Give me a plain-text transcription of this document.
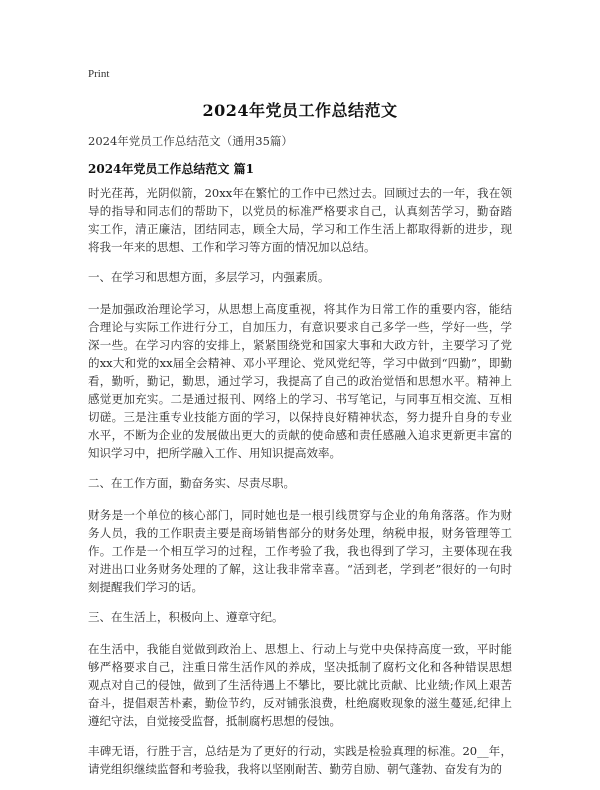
Print
2024年党员工作总结范文
2024年党员工作总结范文（通用35篇）
2024年党员工作总结范文 篇1

时光荏苒，光阴似箭，20xx年在繁忙的工作中已然过去。回顾过去的一年，我在领导的指导和同志们的帮助下，以党员的标准严格要求自己，认真刻苦学习，勤奋踏实工作，清正廉洁，团结同志，顾全大局，学习和工作生活上都取得新的进步，现将我一年来的思想、工作和学习等方面的情况加以总结。

一、在学习和思想方面，多层学习，内强素质。

一是加强政治理论学习，从思想上高度重视，将其作为日常工作的重要内容，能结合理论与实际工作进行分工，自加压力，有意识要求自己多学一些，学好一些，学深一些。在学习内容的安排上，紧紧围绕党和国家大事和大政方针，主要学习了党的xx大和党的xx届全会精神、邓小平理论、党风党纪等，学习中做到“四勤”，即勤看，勤听，勤记，勤思，通过学习，我提高了自己的政治觉悟和思想水平。精神上感觉更加充实。二是通过报刊、网络上的学习、书写笔记，与同事互相交流、互相切磋。三是注重专业技能方面的学习，以保持良好精神状态，努力提升自身的专业水平，不断为企业的发展做出更大的贡献的使命感和责任感融入追求更新更丰富的知识学习中，把所学融入工作、用知识提高效率。

二、在工作方面，勤奋务实、尽责尽职。

财务是一个单位的核心部门，同时她也是一根引线贯穿与企业的角角落落。作为财务人员，我的工作职责主要是商场销售部分的财务处理，纳税申报，财务管理等工作。工作是一个相互学习的过程，工作考验了我，我也得到了学习，主要体现在我对进出口业务财务处理的了解，这让我非常幸喜。“活到老，学到老”很好的一句时刻提醒我们学习的话。

三、在生活上，积极向上、遵章守纪。

在生活中，我能自觉做到政治上、思想上、行动上与党中央保持高度一致，平时能够严格要求自己，注重日常生活作风的养成，坚决抵制了腐朽文化和各种错误思想观点对自己的侵蚀，做到了生活待遇上不攀比，要比就比贡献、比业绩;作风上艰苦奋斗，提倡艰苦朴素，勤俭节约，反对铺张浪费，杜绝腐败现象的滋生蔓延,纪律上遵纪守法，自觉接受监督，抵制腐朽思想的侵蚀。

丰碑无语，行胜于言，总结是为了更好的行动，实践是检验真理的标准。20__年，请党组织继续监督和考验我，我将以坚刚耐苦、勤劳自励、朝气蓬勃、奋发有为的
